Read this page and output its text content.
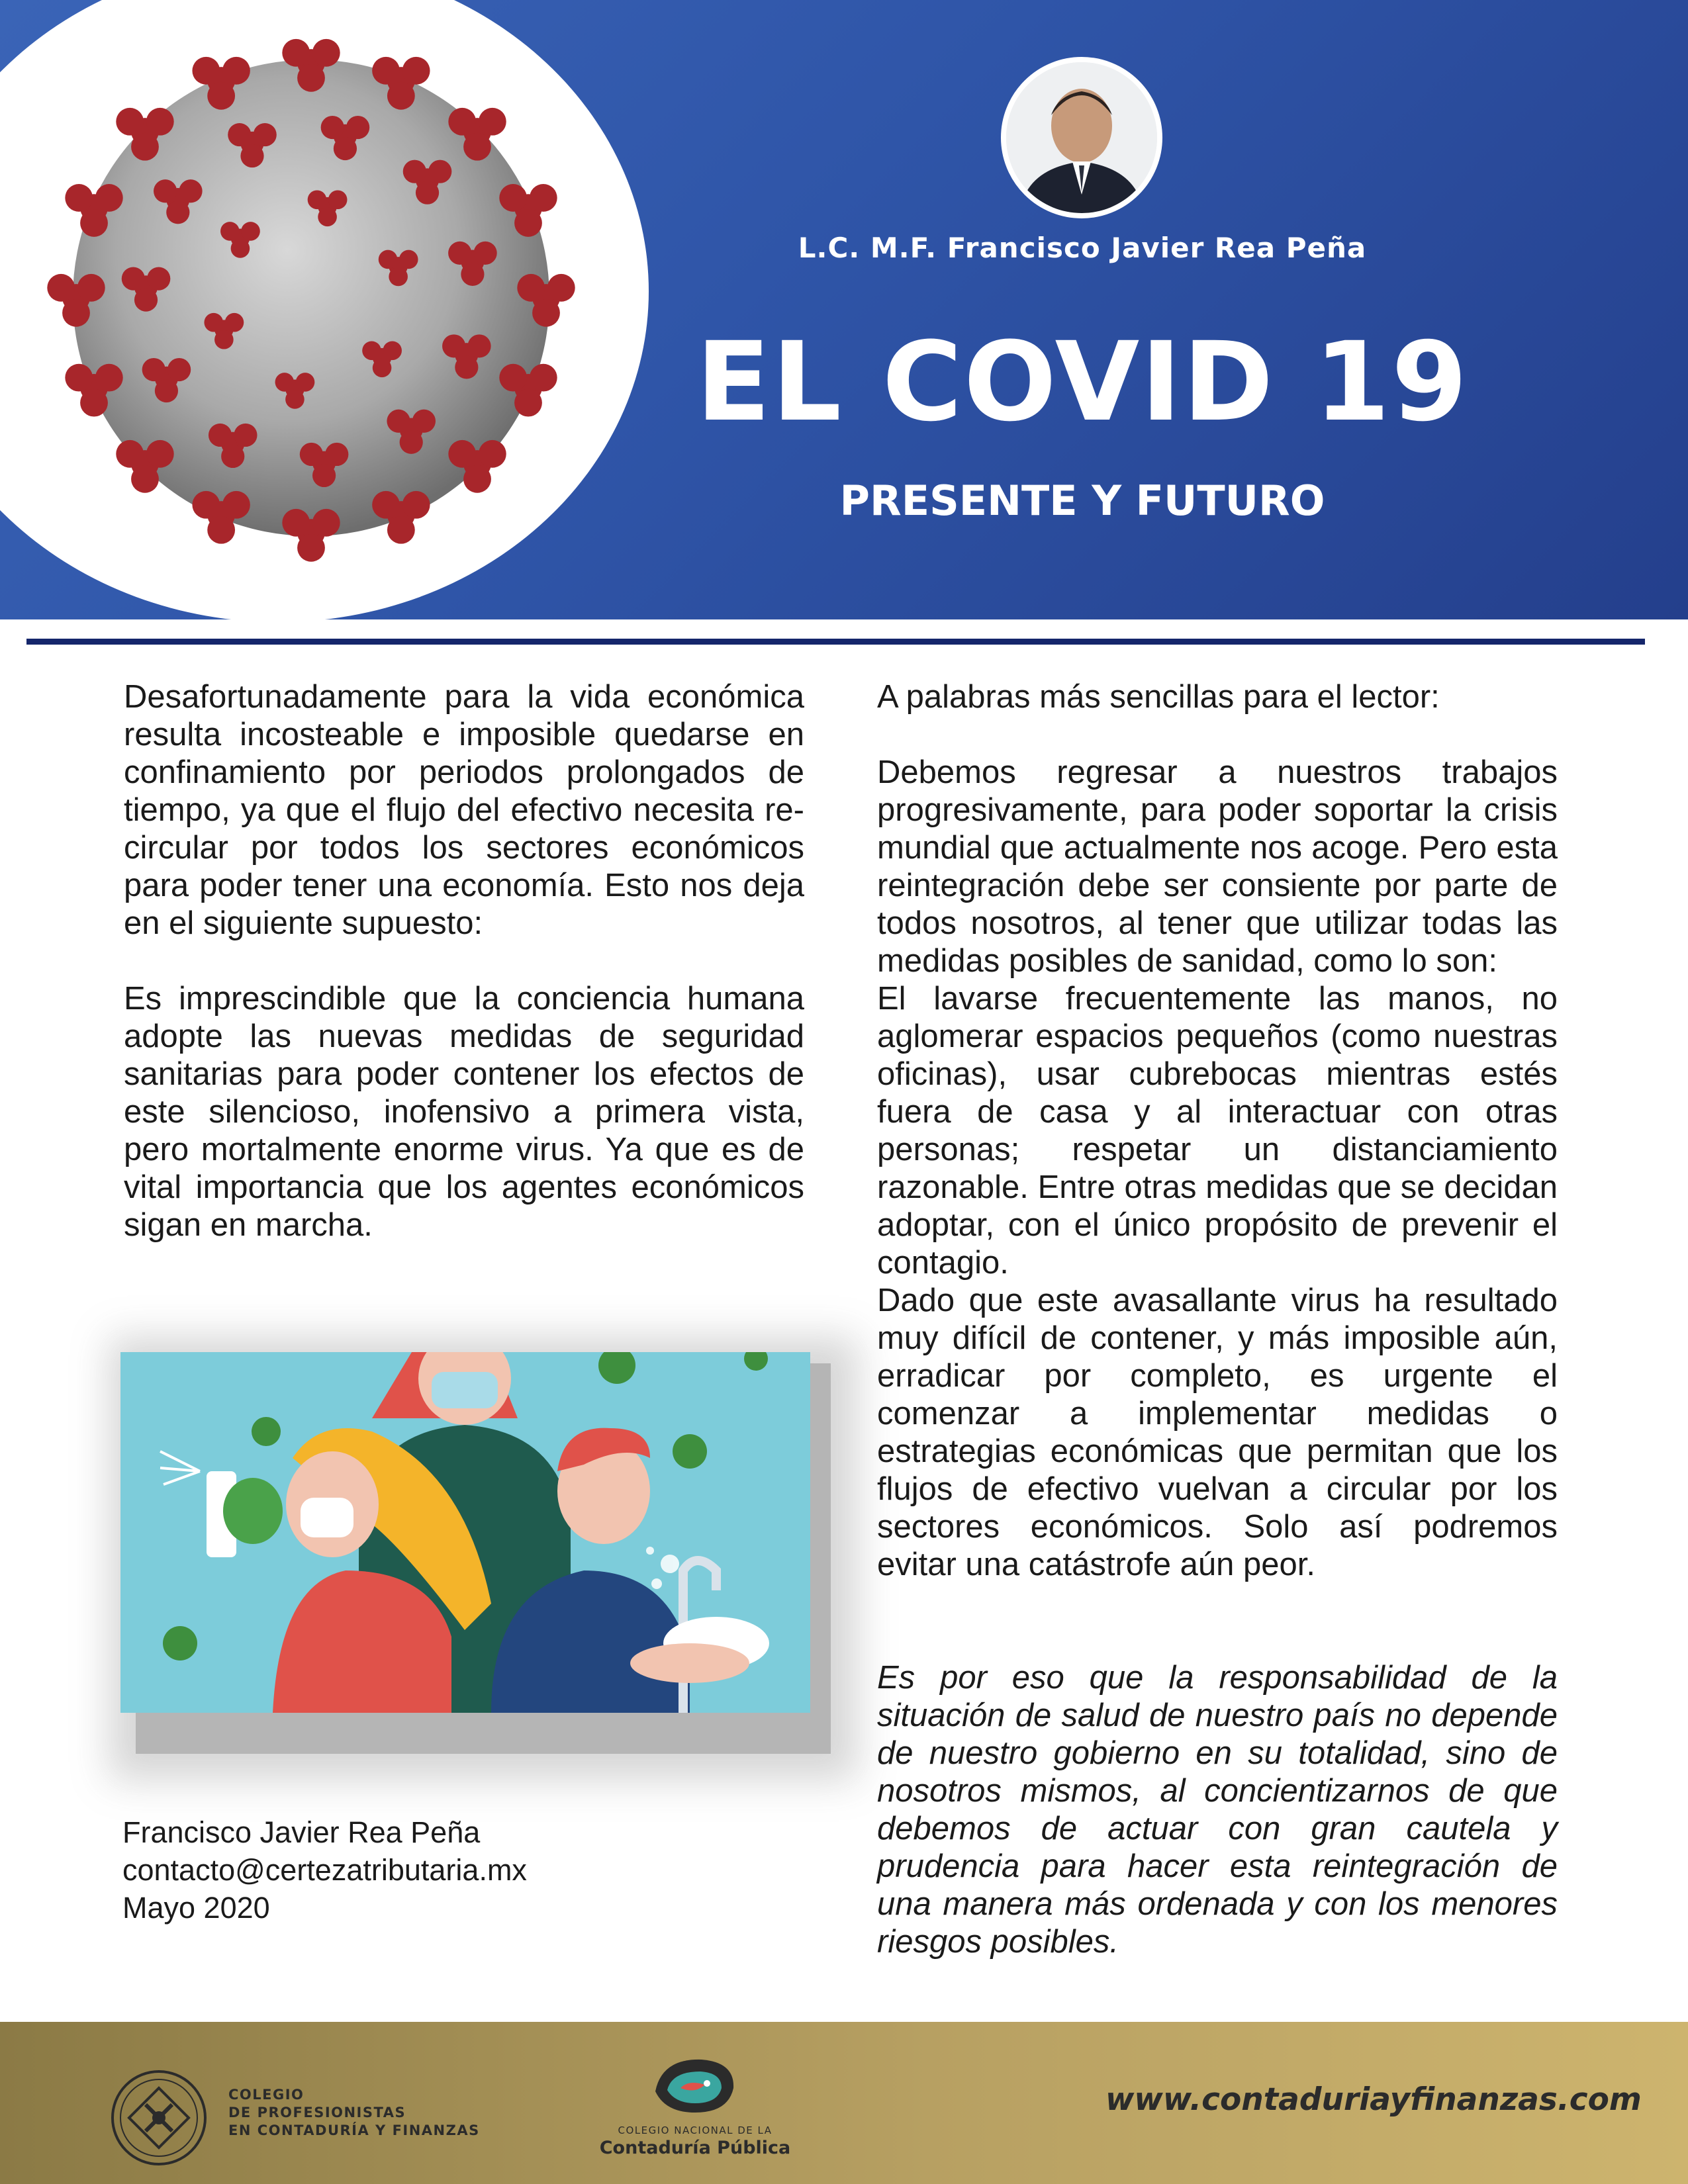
L.C. M.F. Francisco Javier Rea Peña
EL COVID 19
PRESENTE Y FUTURO

Desafortunadamente para la vida económica resulta incosteable e imposible quedarse en confinamiento por periodos prolongados de tiempo, ya que el flujo del efectivo necesita re-circular por todos los sectores económicos para poder tener una economía. Esto nos deja en el siguiente supuesto:

Es imprescindible que la conciencia humana adopte las nuevas medidas de seguridad sanitarias para poder contener los efectos de este silencioso, inofensivo a primera vista, pero mortalmente enorme virus. Ya que es de vital importancia que los agentes económicos sigan en marcha.

Francisco Javier Rea Peña
contacto@certezatributaria.mx
Mayo 2020

A palabras más sencillas para el lector:

Debemos regresar a nuestros trabajos progresivamente, para poder soportar la crisis mundial que actualmente nos acoge. Pero esta reintegración debe ser consiente por parte de todos nosotros, al tener que utilizar todas las medidas posibles de sanidad, como lo son:

El lavarse frecuentemente las manos, no aglomerar espacios pequeños (como nuestras oficinas), usar cubrebocas mientras estés fuera de casa y al interactuar con otras personas; respetar un distanciamiento razonable. Entre otras medidas que se decidan adoptar, con el único propósito de prevenir el contagio.

Dado que este avasallante virus ha resultado muy difícil de contener, y más imposible aún, erradicar por completo, es urgente el comenzar a implementar medidas o estrategias económicas que permitan que los flujos de efectivo vuelvan a circular por los sectores económicos. Solo así podremos evitar una catástrofe aún peor.

Es por eso que la responsabilidad de la situación de salud de nuestro país no depende de nuestro gobierno en su totalidad, sino de nosotros mismos, al concientizarnos de que debemos de actuar con gran cautela y prudencia para hacer esta reintegración de una manera más ordenada y con los menores riesgos posibles.

COLEGIO
DE PROFESIONISTAS
EN CONTADURÍA Y FINANZAS	COLEGIO NACIONAL DE LA
Contaduría Pública
www.contaduriayfinanzas.com
